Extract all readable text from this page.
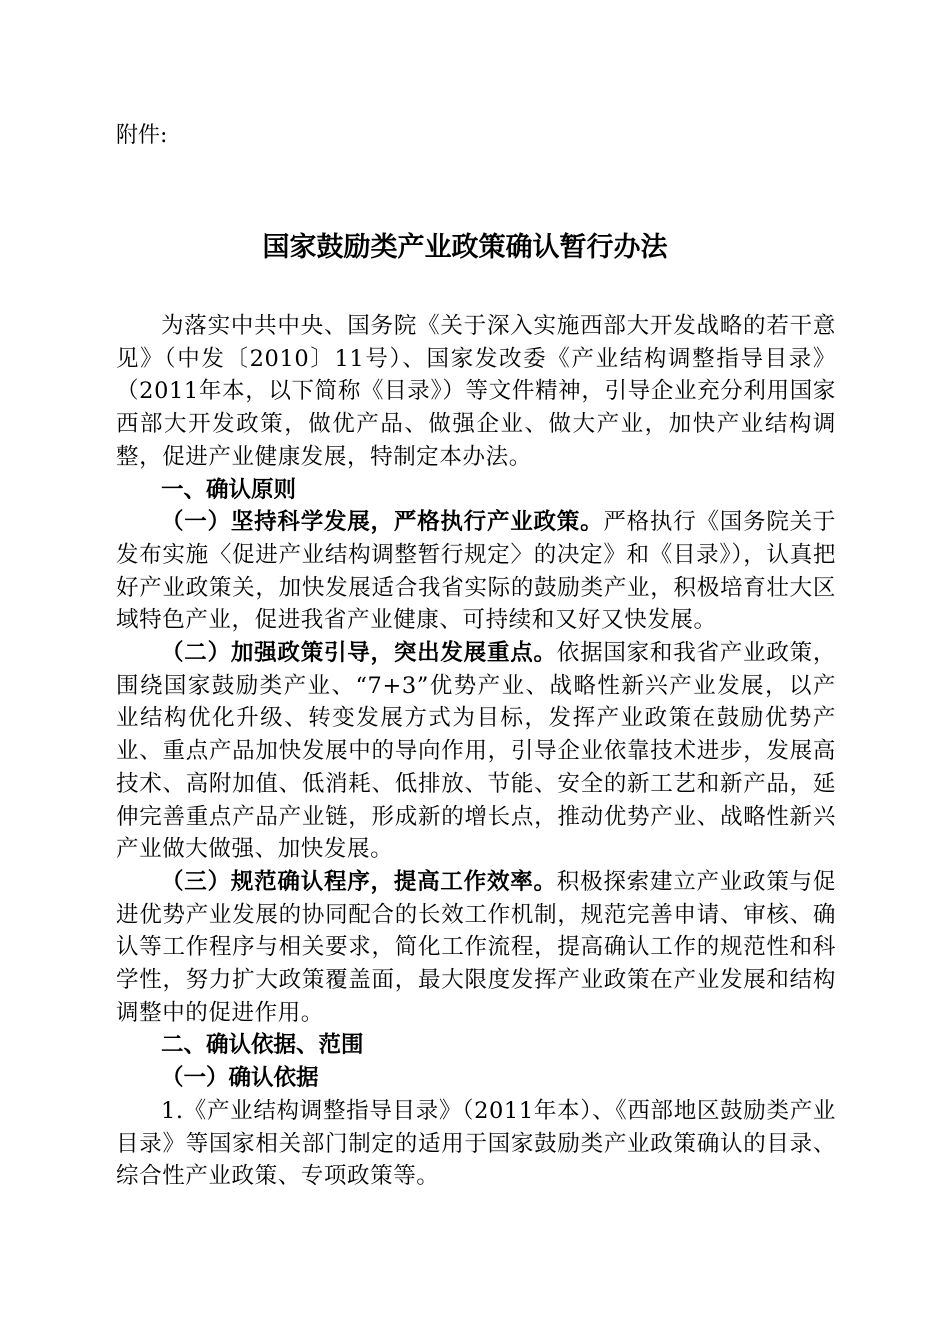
附件:
国家鼓励类产业政策确认暂行办法

为落实中共中央、国务院《关于深入实施西部大开发战略的若干意见》（中发〔2010〕11号）、国家发改委《产业结构调整指导目录》（2011年本，以下简称《目录》）等文件精神，引导企业充分利用国家西部大开发政策，做优产品、做强企业、做大产业，加快产业结构调整，促进产业健康发展，特制定本办法。

一、确认原则

（一）坚持科学发展，严格执行产业政策。严格执行《国务院关于发布实施〈促进产业结构调整暂行规定〉的决定》和《目录》），认真把好产业政策关，加快发展适合我省实际的鼓励类产业，积极培育壮大区域特色产业，促进我省产业健康、可持续和又好又快发展。

（二）加强政策引导，突出发展重点。依据国家和我省产业政策，围绕国家鼓励类产业、“7+3”优势产业、战略性新兴产业发展，以产业结构优化升级、转变发展方式为目标，发挥产业政策在鼓励优势产业、重点产品加快发展中的导向作用，引导企业依靠技术进步，发展高技术、高附加值、低消耗、低排放、节能、安全的新工艺和新产品，延伸完善重点产品产业链，形成新的增长点，推动优势产业、战略性新兴产业做大做强、加快发展。

（三）规范确认程序，提高工作效率。积极探索建立产业政策与促进优势产业发展的协同配合的长效工作机制，规范完善申请、审核、确认等工作程序与相关要求，简化工作流程，提高确认工作的规范性和科学性，努力扩大政策覆盖面，最大限度发挥产业政策在产业发展和结构调整中的促进作用。

二、确认依据、范围

（一）确认依据

1.《产业结构调整指导目录》（2011年本）、《西部地区鼓励类产业目录》等国家相关部门制定的适用于国家鼓励类产业政策确认的目录、综合性产业政策、专项政策等。
